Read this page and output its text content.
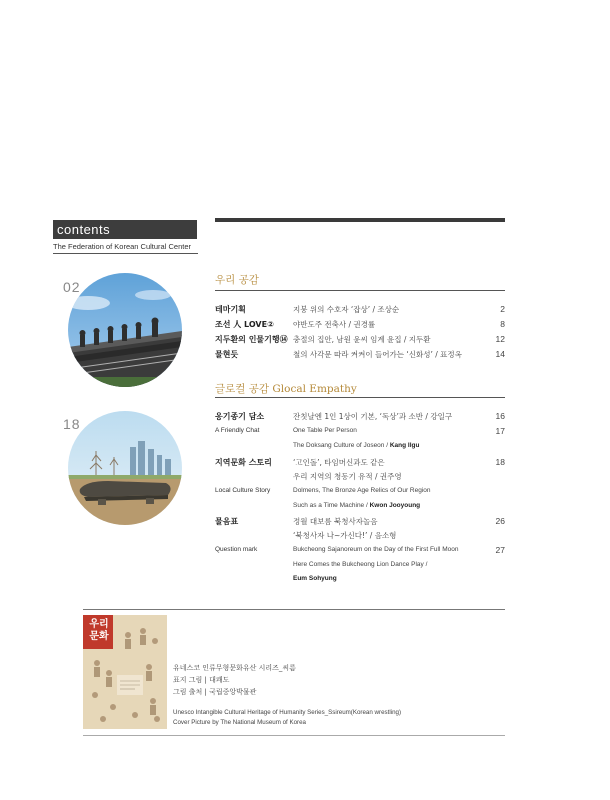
contents
The Federation of Korean Cultural Center
02	우리 공감
테마기획	지붕 위의 수호자 ‘잡상’ / 조상순	2
조선 人 LOVE②	야반도주 전축사 / 권경률	8
지두환의 인물기행⑭ 충절의 집안, 남원 윤씨 임계 윤집 / 지두환	12
물현듯	철의 사각문 따라 켜켜이 들어가는 ‘신화성’ / 표정옥	14
18
글로컬 공감 Glocal Empathy
옹기종기 담소	잔칫날엔 1인 1상이 기본, ‘독상’과 소반 / 강일구	16
A Friendly Chat	One Table Per Person	17
The Doksang Culture of Joseon / Kang Ilgu
지역문화 스토리	‘고인돌’, 타임머신과도 같은	18
우리 지역의 청동기 유적 / 권주영
Local Culture Story	Dolmens, The Bronze Age Relics of Our Region
Such as a Time Machine / Kwon Jooyoung
물음표	정월 대보름 북청사자놀음	26
‘북청사자 나~가신다!’ / 음소형
Question mark	Bukcheong Sajanoreum on the Day of the First Full Moon	27
Here Comes the Bukcheong Lion Dance Play /
Eum Sohyung
우리 문화
유네스코 인류무형문화유산 시리즈_씨름
표지 그림 | 대쾌도
그림 출처 | 국립중앙박물관
Unesco Intangible Cultural Heritage of Humanity Series_Ssireum(Korean wrestling)
Cover Picture by The National Museum of Korea
